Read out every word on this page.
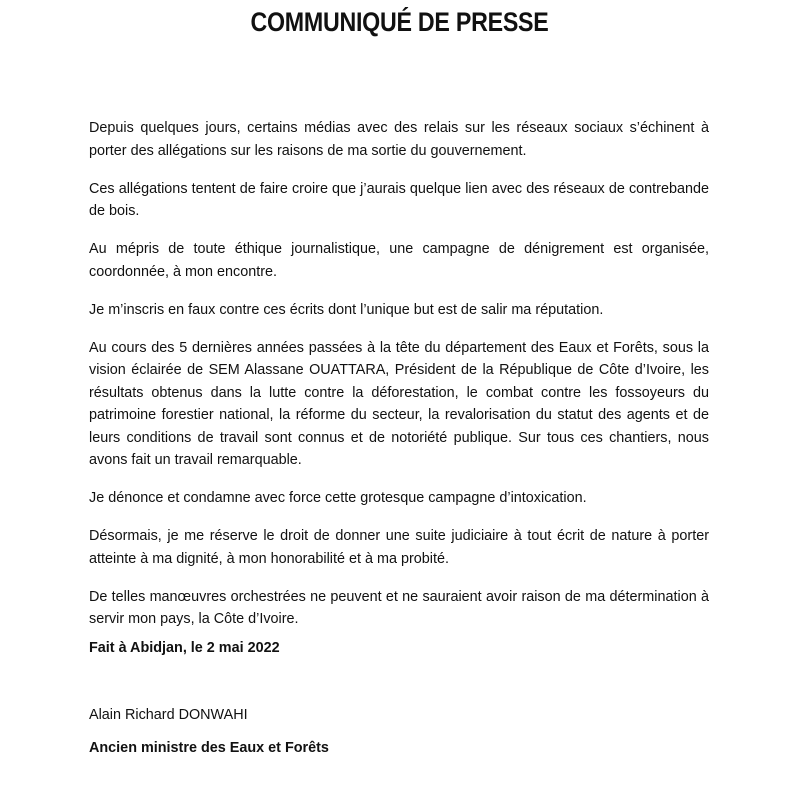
COMMUNIQUÉ DE PRESSE

Depuis quelques jours, certains médias avec des relais sur les réseaux sociaux s’échinent à porter des allégations sur les raisons de ma sortie du gouvernement.

Ces allégations tentent de faire croire que j’aurais quelque lien avec des réseaux de contrebande de bois.

Au mépris de toute éthique journalistique, une campagne de dénigrement est organisée, coordonnée, à mon encontre.

Je m’inscris en faux contre ces écrits dont l’unique but est de salir ma réputation.

Au cours des 5 dernières années passées à la tête du département des Eaux et Forêts, sous la vision éclairée de SEM Alassane OUATTARA, Président de la République de Côte d’Ivoire, les résultats obtenus dans la lutte contre la déforestation, le combat contre les fossoyeurs du patrimoine forestier national, la réforme du secteur, la revalorisation du statut des agents et de leurs conditions de travail sont connus et de notoriété publique. Sur tous ces chantiers, nous avons fait un travail remarquable.

Je dénonce et condamne avec force cette grotesque campagne d’intoxication.

Désormais, je me réserve le droit de donner une suite judiciaire à tout écrit de nature à porter atteinte à ma dignité, à mon honorabilité et à ma probité.

De telles manœuvres orchestrées ne peuvent et ne sauraient avoir raison de ma détermination à servir mon pays, la Côte d’Ivoire.

Fait à Abidjan, le 2 mai 2022
Alain Richard DONWAHI
Ancien ministre des Eaux et Forêts
